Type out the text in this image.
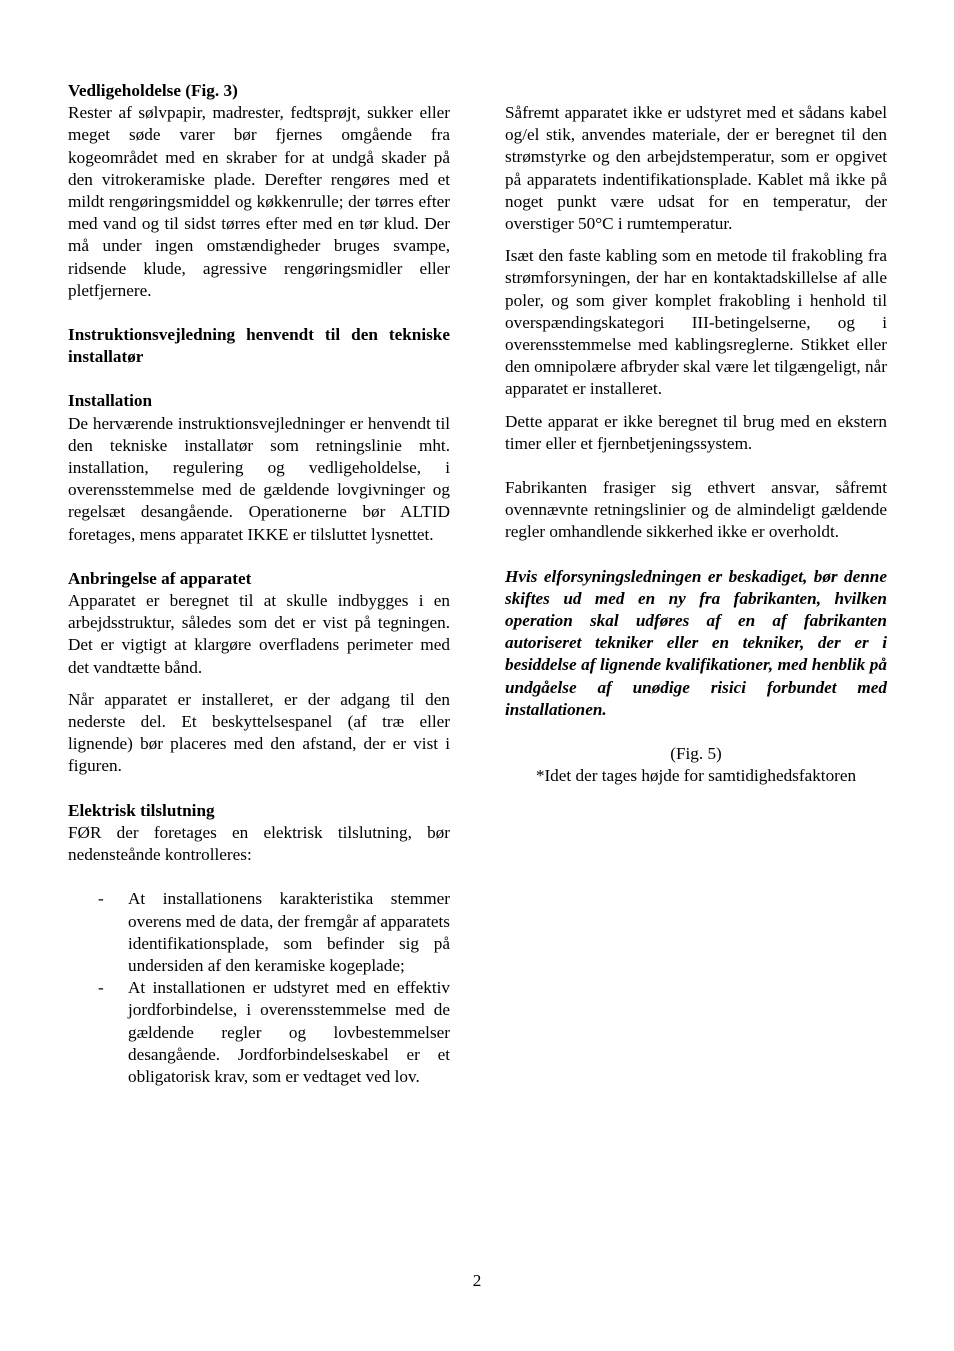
Vedligeholdelse (Fig. 3)

Rester af sølvpapir, madrester, fedtsprøjt, sukker eller meget søde varer bør fjernes omgående fra kogeområdet med en skraber for at undgå skader på den vitrokeramiske plade. Derefter rengøres med et mildt rengøringsmiddel og køkkenrulle; der tørres efter med vand og til sidst tørres efter med en tør klud. Der må under ingen omstændigheder bruges svampe, ridsende klude, agressive rengøringsmidler eller pletfjernere.

Instruktionsvejledning henvendt til den tekniske installatør
Installation

De herværende instruktionsvejledninger er henvendt til den tekniske installatør som retningslinie mht. installation, regulering og vedligeholdelse, i overensstemmelse med de gældende lovgivninger og regelsæt desangående. Operationerne bør ALTID foretages, mens apparatet IKKE er tilsluttet lysnettet.

Anbringelse af apparatet

Apparatet er beregnet til at skulle indbygges i en arbejdsstruktur, således som det er vist på tegningen. Det er vigtigt at klargøre overfladens perimeter med det vandtætte bånd.

Når apparatet er installeret, er der adgang til den nederste del. Et beskyttelsespanel (af træ eller lignende) bør placeres med den afstand, der er vist i figuren.

Elektrisk tilslutning

FØR der foretages en elektrisk tilslutning, bør nedensteånde kontrolleres:

- At installationens karakteristika stemmer overens med de data, der fremgår af apparatets identifikationsplade, som befinder sig på undersiden af den keramiske kogeplade;
- At installationen er udstyret med en effektiv jordforbindelse, i overensstemmelse med de gældende regler og lovbestemmelser desangående. Jordforbindelseskabel er et obligatorisk krav, som er vedtaget ved lov.

Såfremt apparatet ikke er udstyret med et sådans kabel og/el stik, anvendes materiale, der er beregnet til den strømstyrke og den arbejdstemperatur, som er opgivet på apparatets indentifikationsplade. Kablet må ikke på noget punkt være udsat for en temperatur, der overstiger 50°C i rumtemperatur.

Isæt den faste kabling som en metode til frakobling fra strømforsyningen, der har en kontaktadskillelse af alle poler, og som giver komplet frakobling i henhold til overspændingskategori III-betingelserne, og i overensstemmelse med kablingsreglerne. Stikket eller den omnipolære afbryder skal være let tilgængeligt, når apparatet er installeret.

Dette apparat er ikke beregnet til brug med en ekstern timer eller et fjernbetjeningssystem.

Fabrikanten frasiger sig ethvert ansvar, såfremt ovennævnte retningslinier og de almindeligt gældende regler omhandlende sikkerhed ikke er overholdt.

Hvis elforsyningsledningen er beskadiget, bør denne skiftes ud med en ny fra fabrikanten, hvilken operation skal udføres af en af fabrikanten autoriseret tekniker eller en tekniker, der er i besiddelse af lignende kvalifikationer, med henblik på undgåelse af unødige risici forbundet med installationen.

(Fig. 5)

*Idet der tages højde for samtidighedsfaktoren

2
